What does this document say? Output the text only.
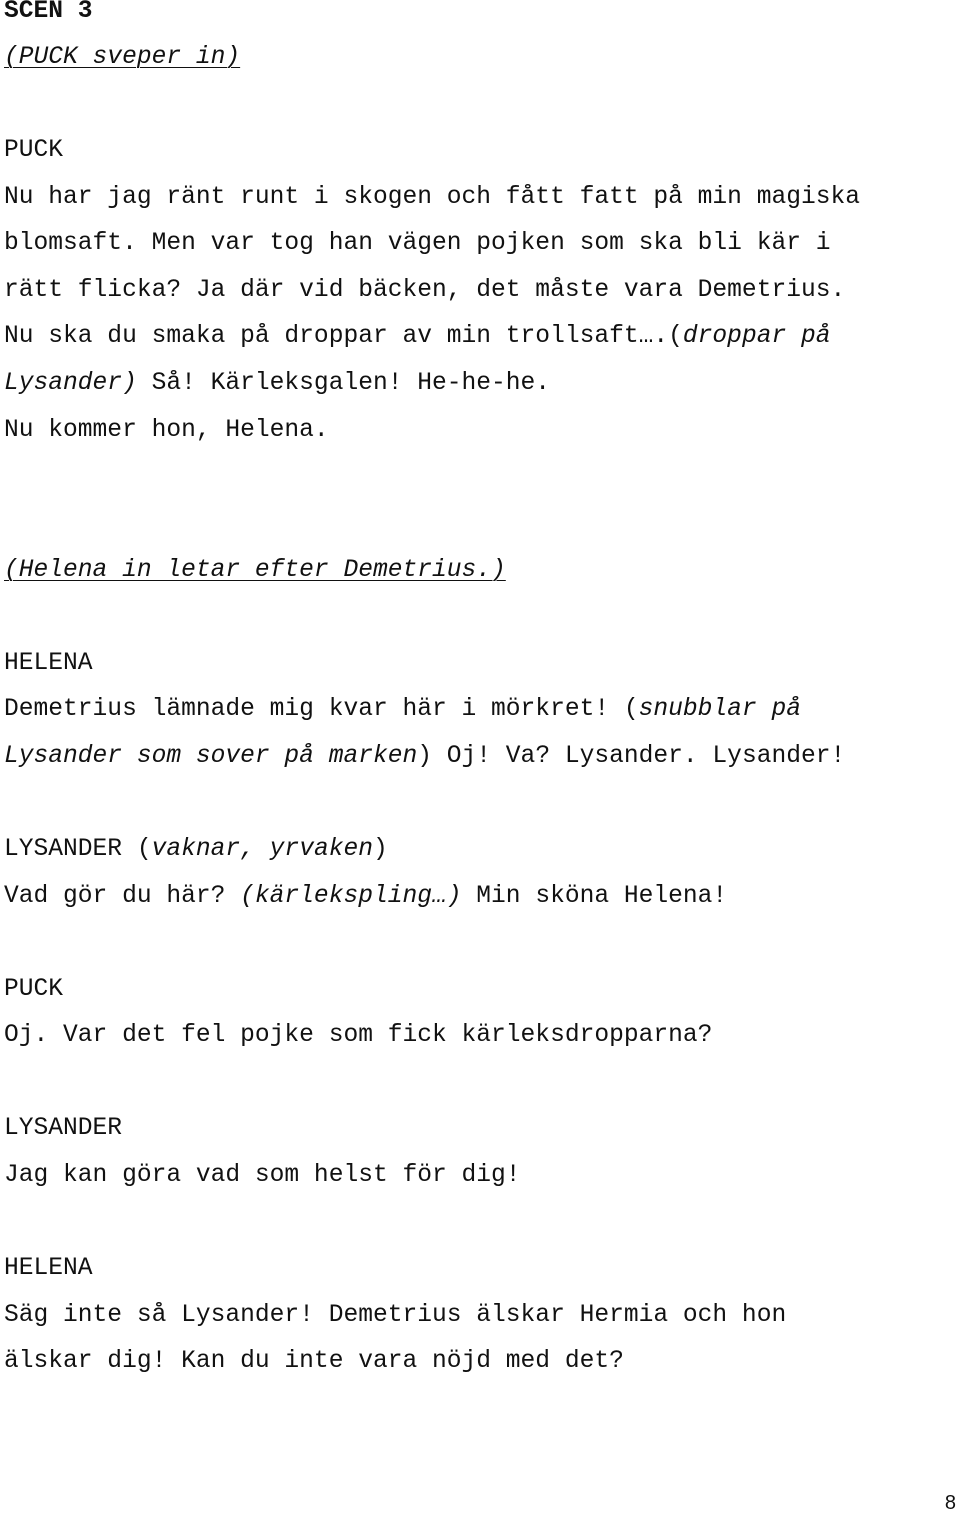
SCEN 3
(PUCK sveper in)
PUCK
Nu har jag ränt runt i skogen och fått fatt på min magiska
blomsaft. Men var tog han vägen pojken som ska bli kär i
rätt flicka? Ja där vid bäcken, det måste vara Demetrius.
Nu ska du smaka på droppar av min trollsaft….(droppar på
Lysander) Så! Kärleksgalen! He-he-he.
Nu kommer hon, Helena.
(Helena in letar efter Demetrius.)
HELENA
Demetrius lämnade mig kvar här i mörkret! (snubblar på
Lysander som sover på marken) Oj! Va? Lysander. Lysander!
LYSANDER (vaknar, yrvaken)
Vad gör du här? (kärlekspling…) Min sköna Helena!
PUCK
Oj. Var det fel pojke som fick kärleksdropparna?
LYSANDER
Jag kan göra vad som helst för dig!
HELENA
Säg inte så Lysander! Demetrius älskar Hermia och hon
älskar dig! Kan du inte vara nöjd med det?
8
